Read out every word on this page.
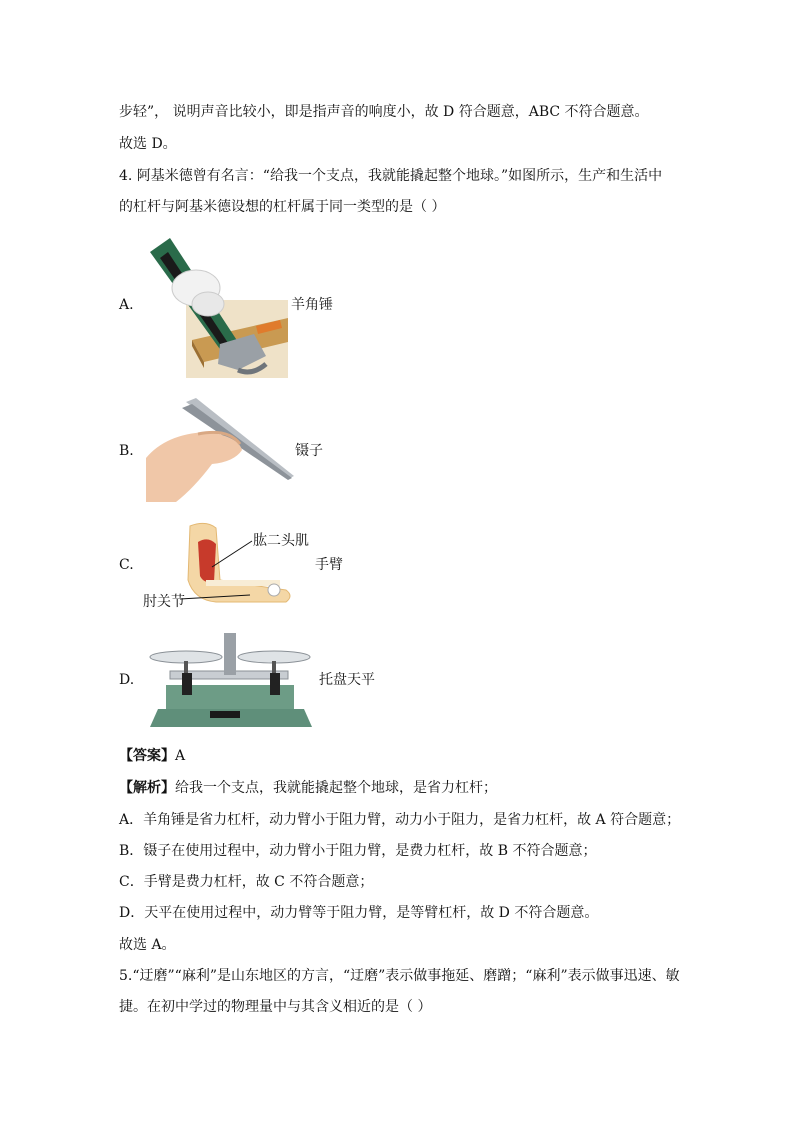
步轻”， 说明声音比较小，即是指声音的响度小，故 D 符合题意，ABC 不符合题意。
故选 D。
4. 阿基米德曾有名言：“给我一个支点，我就能撬起整个地球。”如图所示，生产和生活中
的杠杆与阿基米德设想的杠杆属于同一类型的是（ ）
A.	羊角锤
B.	镊子
C.
肱二头肌
肘关节
手臂
D.	托盘天平
【答案】A
【解析】给我一个支点，我就能撬起整个地球，是省力杠杆；
A．羊角锤是省力杠杆，动力臂小于阻力臂，动力小于阻力，是省力杠杆，故 A 符合题意；
B．镊子在使用过程中，动力臂小于阻力臂，是费力杠杆，故 B 不符合题意；
C．手臂是费力杠杆，故 C 不符合题意；
D．天平在使用过程中，动力臂等于阻力臂，是等臂杠杆，故 D 不符合题意。
故选 A。
5.“迂磨”“麻利”是山东地区的方言，“迂磨”表示做事拖延、磨蹭；“麻利”表示做事迅速、敏
捷。在初中学过的物理量中与其含义相近的是（ ）
